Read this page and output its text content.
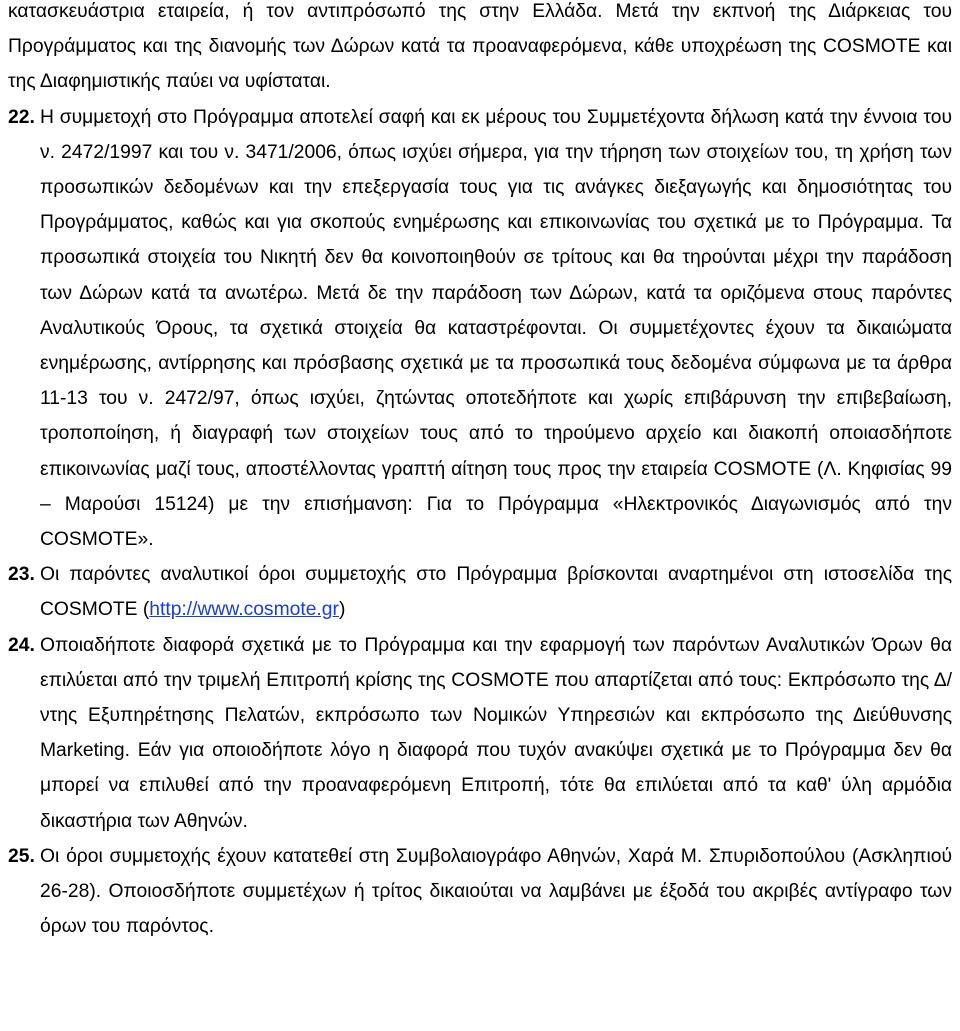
κατασκευάστρια εταιρεία, ή τον αντιπρόσωπό της στην Ελλάδα. Μετά την εκπνοή της Διάρκειας του Προγράμματος και της διανομής των Δώρων κατά τα προαναφερόμενα, κάθε υποχρέωση της COSMOTE και της Διαφημιστικής παύει να υφίσταται.

22. Η συμμετοχή στο Πρόγραμμα αποτελεί σαφή και εκ μέρους του Συμμετέχοντα δήλωση κατά την έννοια του ν. 2472/1997 και του ν. 3471/2006, όπως ισχύει σήμερα, για την τήρηση των στοιχείων του, τη χρήση των προσωπικών δεδομένων και την επεξεργασία τους για τις ανάγκες διεξαγωγής και δημοσιότητας του Προγράμματος, καθώς και για σκοπούς ενημέρωσης και επικοινωνίας του σχετικά με το Πρόγραμμα. Τα προσωπικά στοιχεία του Νικητή δεν θα κοινοποιηθούν σε τρίτους και θα τηρούνται μέχρι την παράδοση των Δώρων κατά τα ανωτέρω. Μετά δε την παράδοση των Δώρων, κατά τα οριζόμενα στους παρόντες Αναλυτικούς Όρους, τα σχετικά στοιχεία θα καταστρέφονται. Οι συμμετέχοντες έχουν τα δικαιώματα ενημέρωσης, αντίρρησης και πρόσβασης σχετικά με τα προσωπικά τους δεδομένα σύμφωνα με τα άρθρα 11-13 του ν. 2472/97, όπως ισχύει, ζητώντας οποτεδήποτε και χωρίς επιβάρυνση την επιβεβαίωση, τροποποίηση, ή διαγραφή των στοιχείων τους από το τηρούμενο αρχείο και διακοπή οποιασδήποτε επικοινωνίας μαζί τους, αποστέλλοντας γραπτή αίτηση τους προς την εταιρεία COSMOTE (Λ. Κηφισίας 99 – Μαρούσι 15124) με την επισήμανση: Για το Πρόγραμμα «Ηλεκτρονικός Διαγωνισμός από την COSMOTE».

23. Οι παρόντες αναλυτικοί όροι συμμετοχής στο Πρόγραμμα βρίσκονται αναρτημένοι στη ιστοσελίδα της COSMOTE (http://www.cosmote.gr)

24. Οποιαδήποτε διαφορά σχετικά με το Πρόγραμμα και την εφαρμογή των παρόντων Αναλυτικών Όρων θα επιλύεται από την τριμελή Επιτροπή κρίσης της COSMOTE που απαρτίζεται από τους: Εκπρόσωπο της Δ/ντης Εξυπηρέτησης Πελατών, εκπρόσωπο των Νομικών Υπηρεσιών και εκπρόσωπο της Διεύθυνσης Marketing. Εάν για οποιοδήποτε λόγο η διαφορά που τυχόν ανακύψει σχετικά με το Πρόγραμμα δεν θα μπορεί να επιλυθεί από την προαναφερόμενη Επιτροπή, τότε θα επιλύεται από τα καθ' ύλη αρμόδια δικαστήρια των Αθηνών.

25. Οι όροι συμμετοχής έχουν κατατεθεί στη Συμβολαιογράφο Αθηνών, Χαρά Μ. Σπυριδοπούλου (Ασκληπιού 26-28). Οποιοσδήποτε συμμετέχων ή τρίτος δικαιούται να λαμβάνει με έξοδά του ακριβές αντίγραφο των όρων του παρόντος.
